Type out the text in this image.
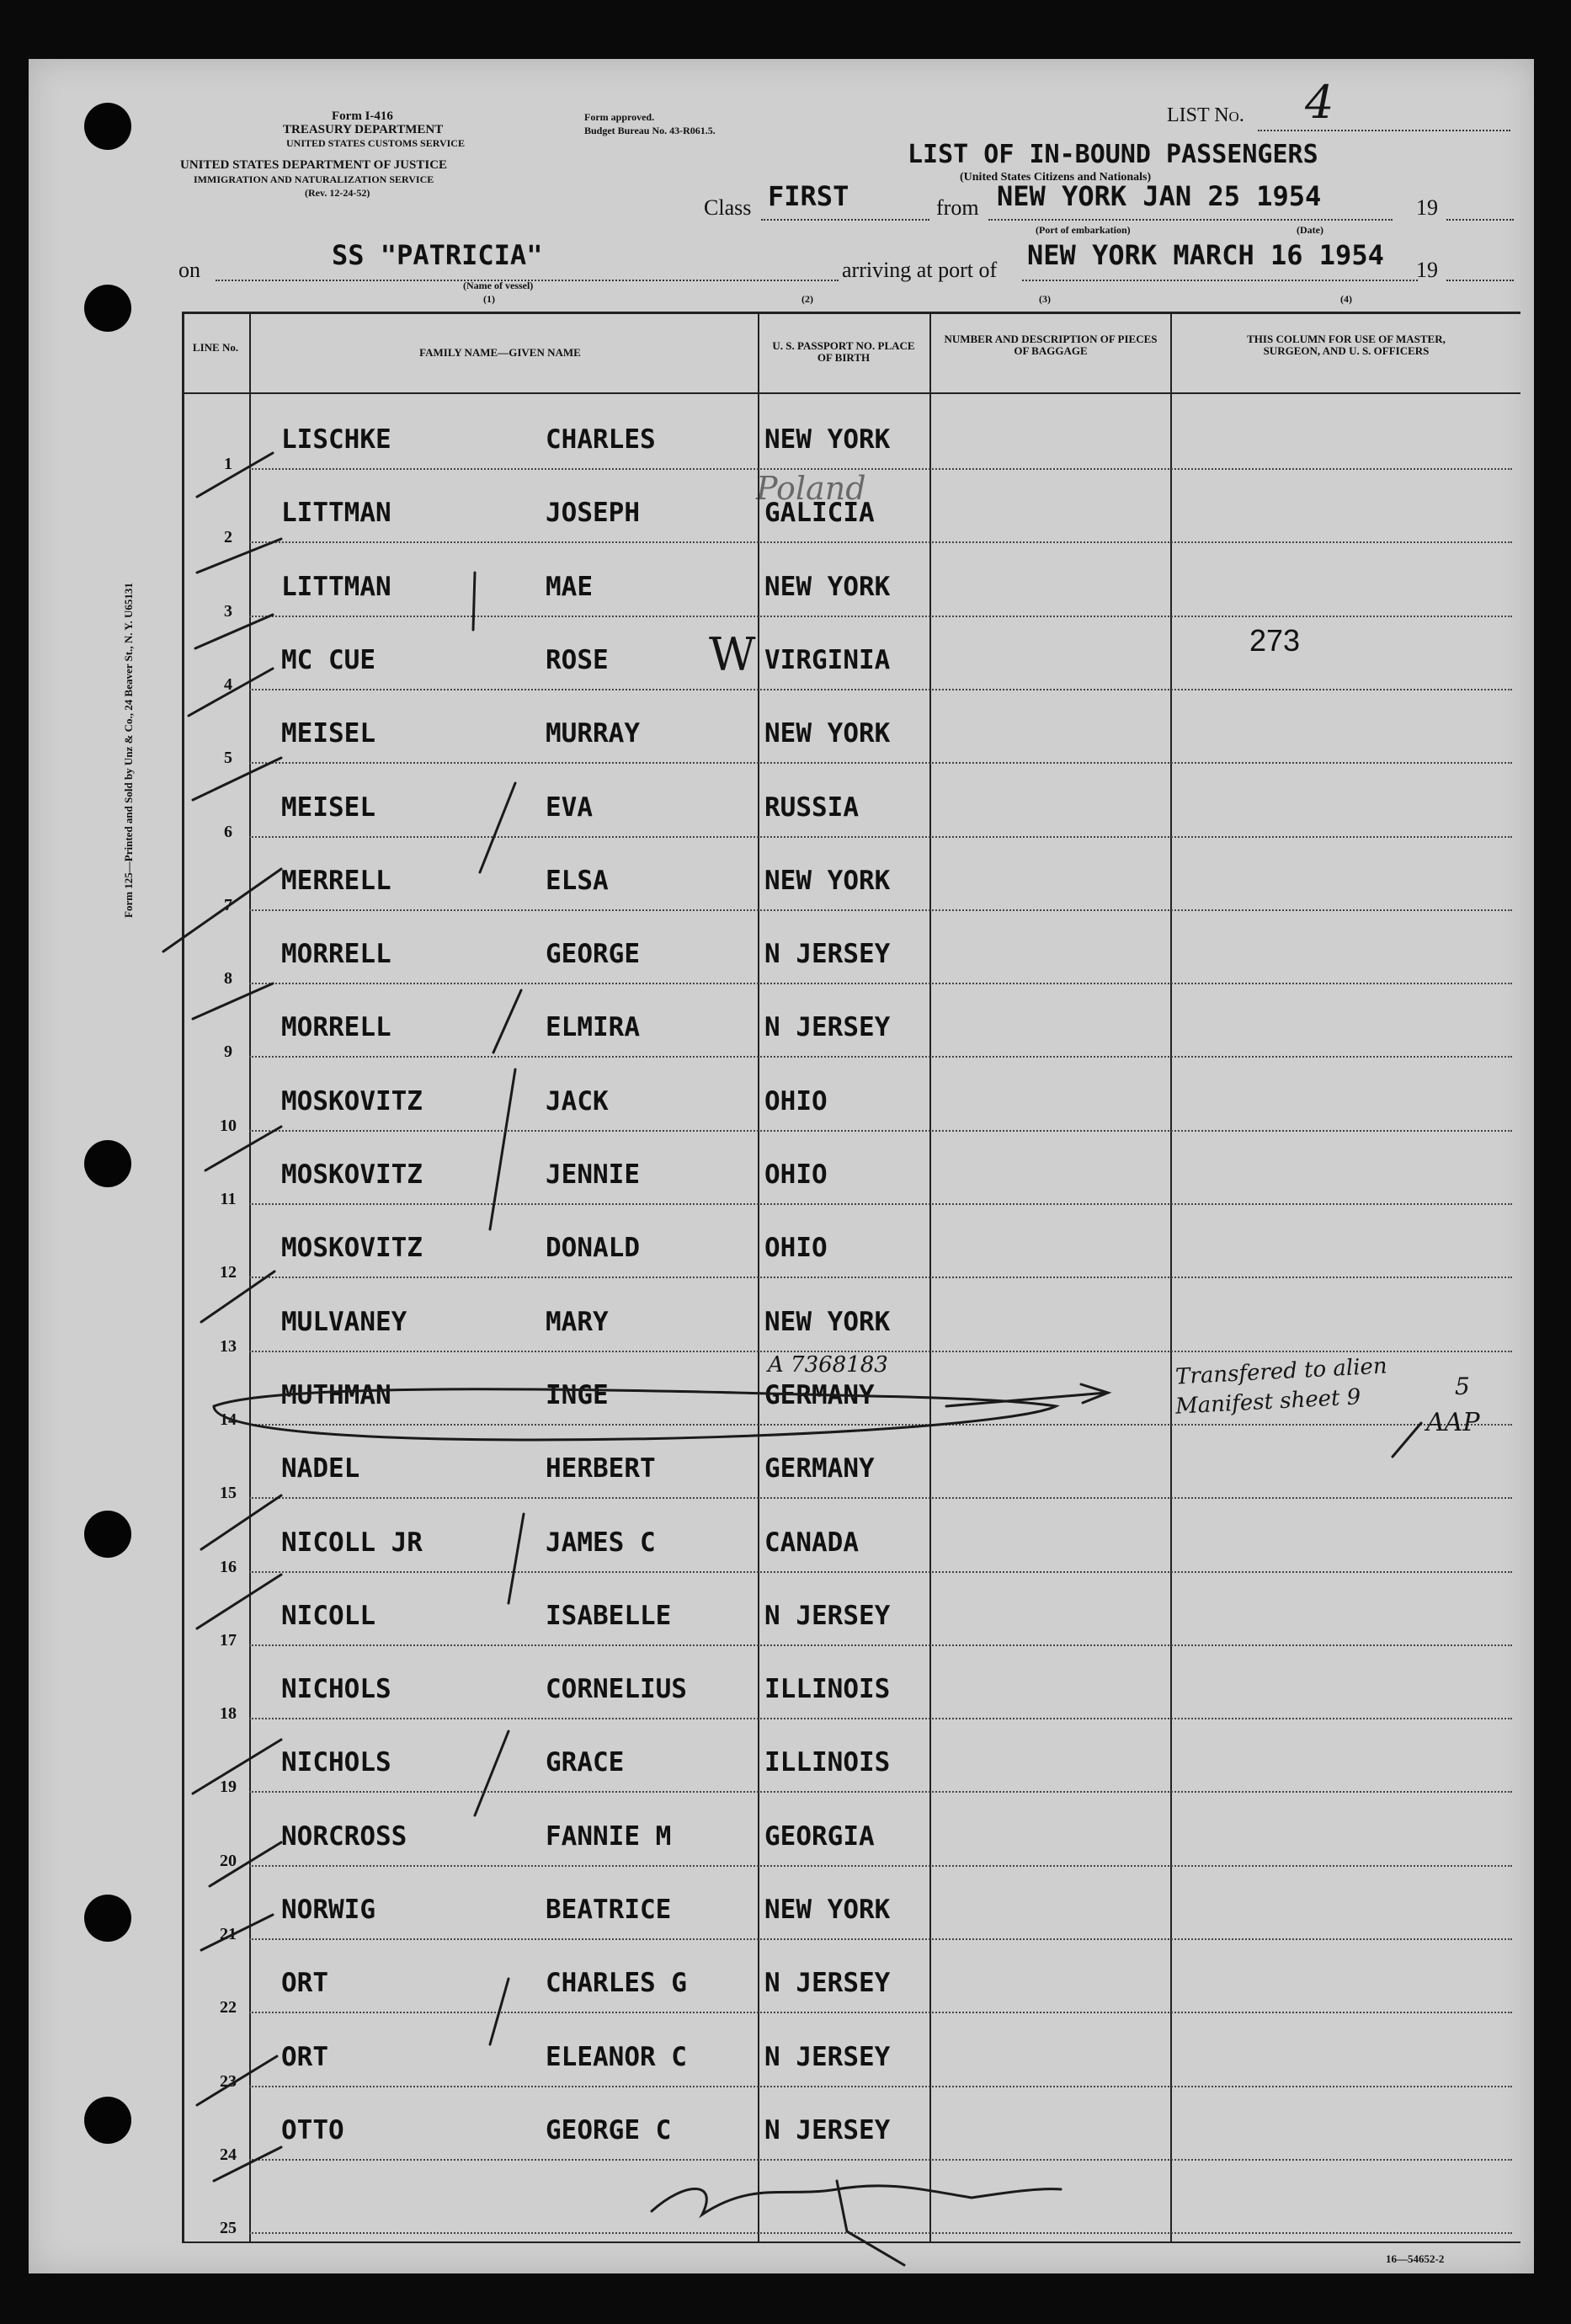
Form 125—Printed and Sold by Unz & Co., 24 Beaver St., N. Y. U65131
Form I-416
TREASURY DEPARTMENT
UNITED STATES CUSTOMS SERVICE
UNITED STATES DEPARTMENT OF JUSTICE
IMMIGRATION AND NATURALIZATION SERVICE
(Rev. 12-24-52)
Form approved.
Budget Bureau No. 43-R061.5.
LIST No. 4
LIST OF IN-BOUND PASSENGERS
(United States Citizens and Nationals)
Class FIRST	from NEW YORK JAN 25 1954	19
(Port of embarkation)	(Date)
on	SS "PATRICIA"
(Name of vessel)
(1)
arriving at port of NEW YORK MARCH 16 1954 19
(2)	(3)	(4)
LINE No.	FAMILY NAME—GIVEN NAME
U. S. PASSPORT NO. PLACE OF BIRTH
NUMBER AND DESCRIPTION OF PIECES OF BAGGAGE
THIS COLUMN FOR USE OF MASTER, SURGEON, AND U. S. OFFICERS
1
LISCHKE	CHARLES	NEW YORK
2
LITTMAN	JOSEPH	GALICIA
3
LITTMAN	MAE	NEW YORK
4
MC CUE	ROSE	VIRGINIA
5
MEISEL	MURRAY	NEW YORK
6
MEISEL	EVA	RUSSIA
7
MERRELL	ELSA	NEW YORK
8
MORRELL	GEORGE	N JERSEY
9
MORRELL	ELMIRA	N JERSEY
10
MOSKOVITZ	JACK	OHIO
11
MOSKOVITZ	JENNIE	OHIO
12
MOSKOVITZ	DONALD	OHIO
13
MULVANEY	MARY	NEW YORK
14
MUTHMAN	INGE	GERMANY
15
NADEL	HERBERT	GERMANY
16
NICOLL JR	JAMES C	CANADA
17
NICOLL	ISABELLE	N JERSEY
18
NICHOLS	CORNELIUS	ILLINOIS
19
NICHOLS	GRACE	ILLINOIS
20
NORCROSS	FANNIE M	GEORGIA
21
NORWIG	BEATRICE	NEW YORK
22
ORT	CHARLES G	N JERSEY
23
ORT	ELEANOR C	N JERSEY
24
OTTO	GEORGE C	N JERSEY
25
Poland
W	273
A 7368183	Transfered to alien
Manifest sheet 9	5
AAP
16—54652-2
